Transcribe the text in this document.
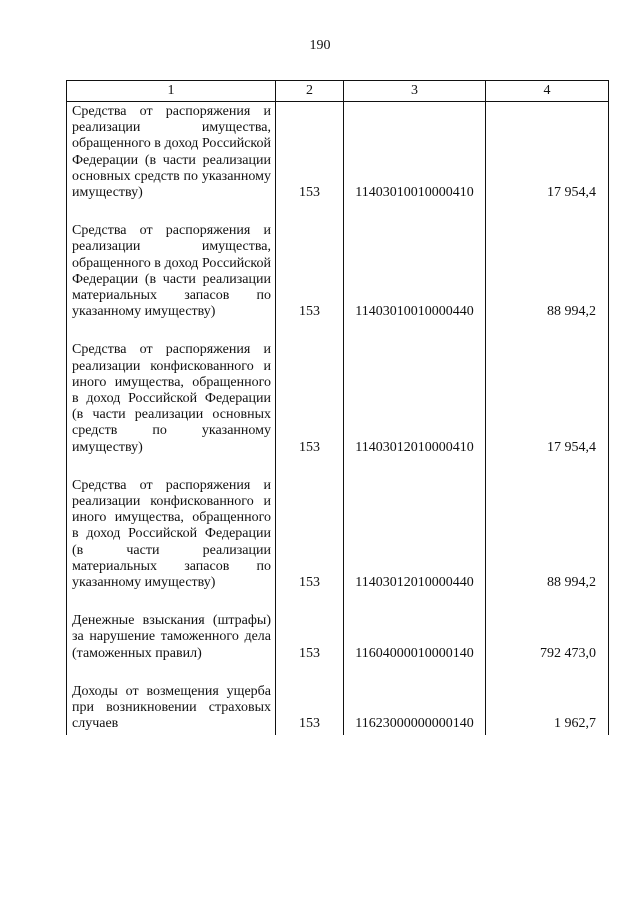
190
1	2	3	4
Средства от распоряжения и реализации имущества, обращенного в доход Российской Федерации (в части реализации основных средств по указанному имуществу)	153	11403010010000410	17 954,4

Средства от распоряжения и реализации имущества, обращенного в доход Российской Федерации (в части реализации материальных запасов по указанному имуществу)	153	11403010010000440	88 994,2

Средства от распоряжения и реализации конфискованного и иного имущества, обращенного в доход Российской Федерации (в части реализации основных средств по указанному имуществу)	153	11403012010000410	17 954,4

Средства от распоряжения и реализации конфискованного и иного имущества, обращенного в доход Российской Федерации (в части реализации материальных запасов по указанному имуществу)	153	11403012010000440	88 994,2

Денежные взыскания (штрафы) за нарушение таможенного дела (таможенных правил)	153	11604000010000140	792 473,0

Доходы от возмещения ущерба при возникновении страховых случаев	153	11623000000000140	1 962,7
